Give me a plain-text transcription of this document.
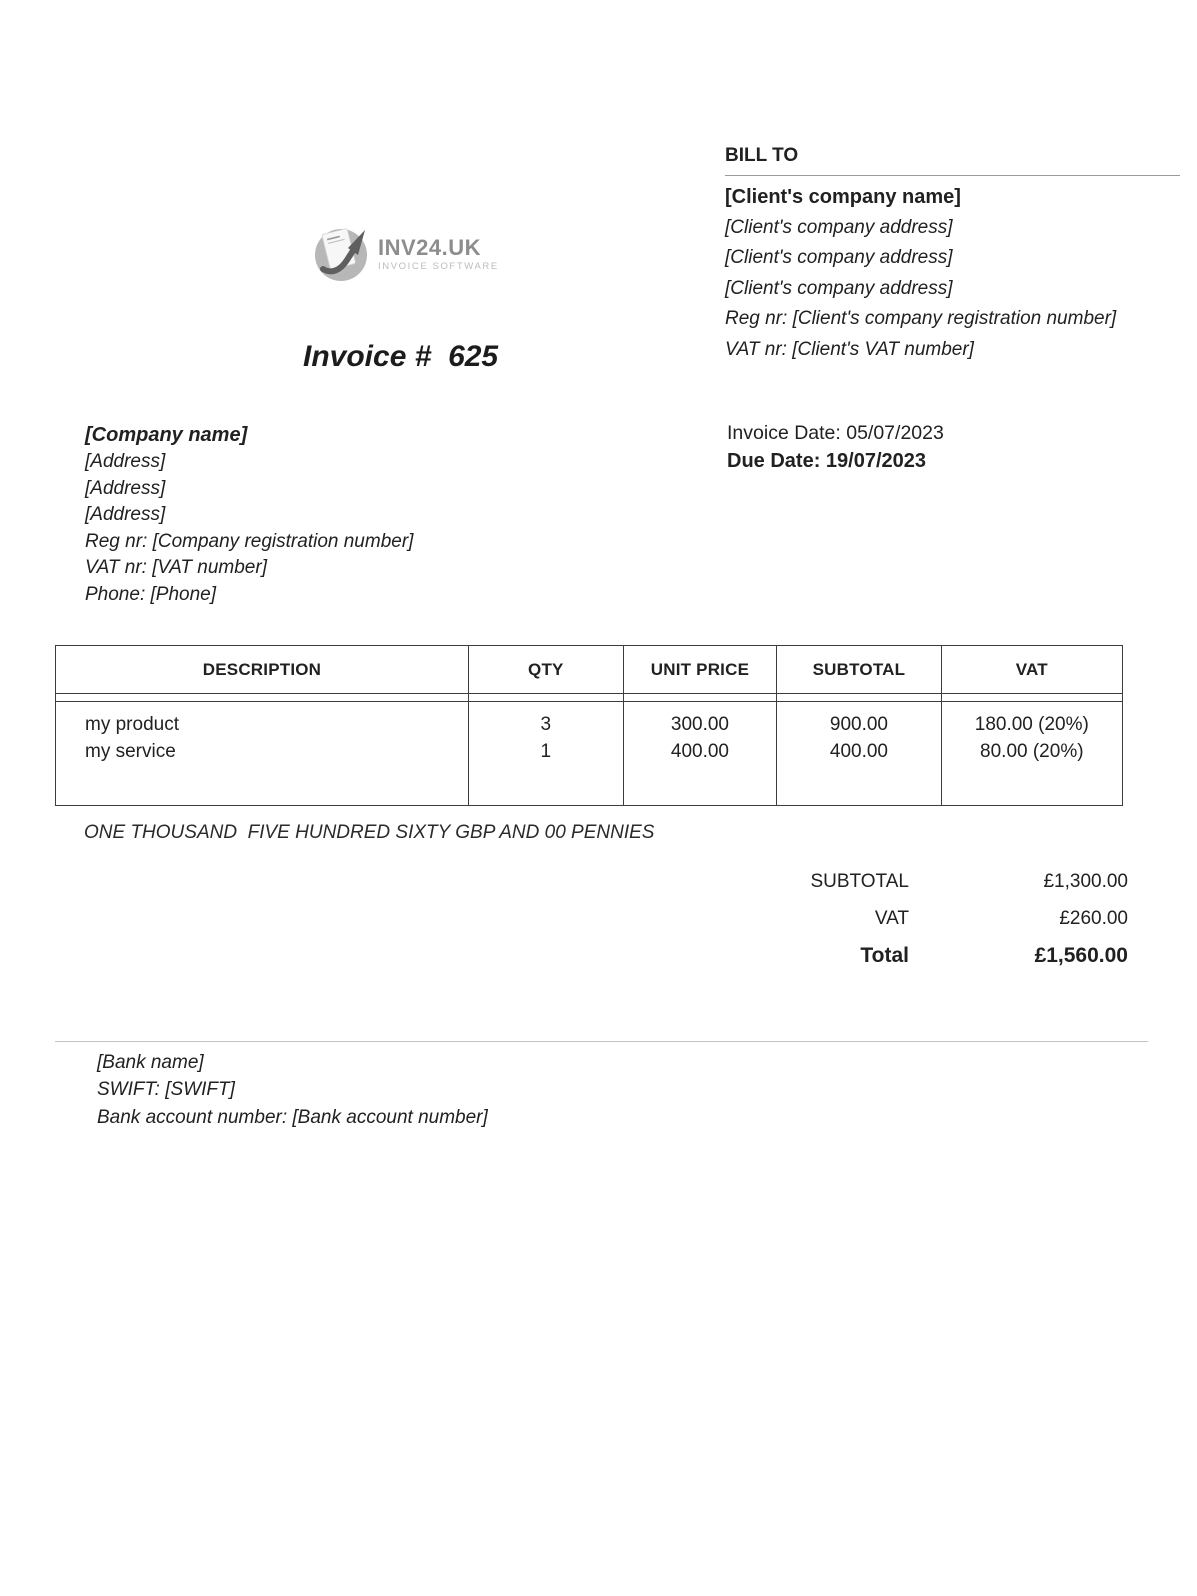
INV24.UK
INVOICE SOFTWARE
BILL TO
[Client's company name]
[Client's company address]
[Client's company address]
[Client's company address]
Reg nr: [Client's company registration number]
VAT nr: [Client's VAT number]
Invoice #  625
[Company name]
[Address]
[Address]
[Address]
Reg nr: [Company registration number]
VAT nr: [VAT number]
Phone: [Phone]
Invoice Date: 05/07/2023
Due Date: 19/07/2023
DESCRIPTION	QTY	UNIT PRICE	SUBTOTAL	VAT

my product	3	300.00	900.00	180.00 (20%)
my service	1	400.00	400.00	80.00 (20%)

ONE THOUSAND  FIVE HUNDRED SIXTY GBP AND 00 PENNIES
SUBTOTAL	£1,300.00
VAT	£260.00
Total	£1,560.00
[Bank name]
SWIFT: [SWIFT]
Bank account number: [Bank account number]
